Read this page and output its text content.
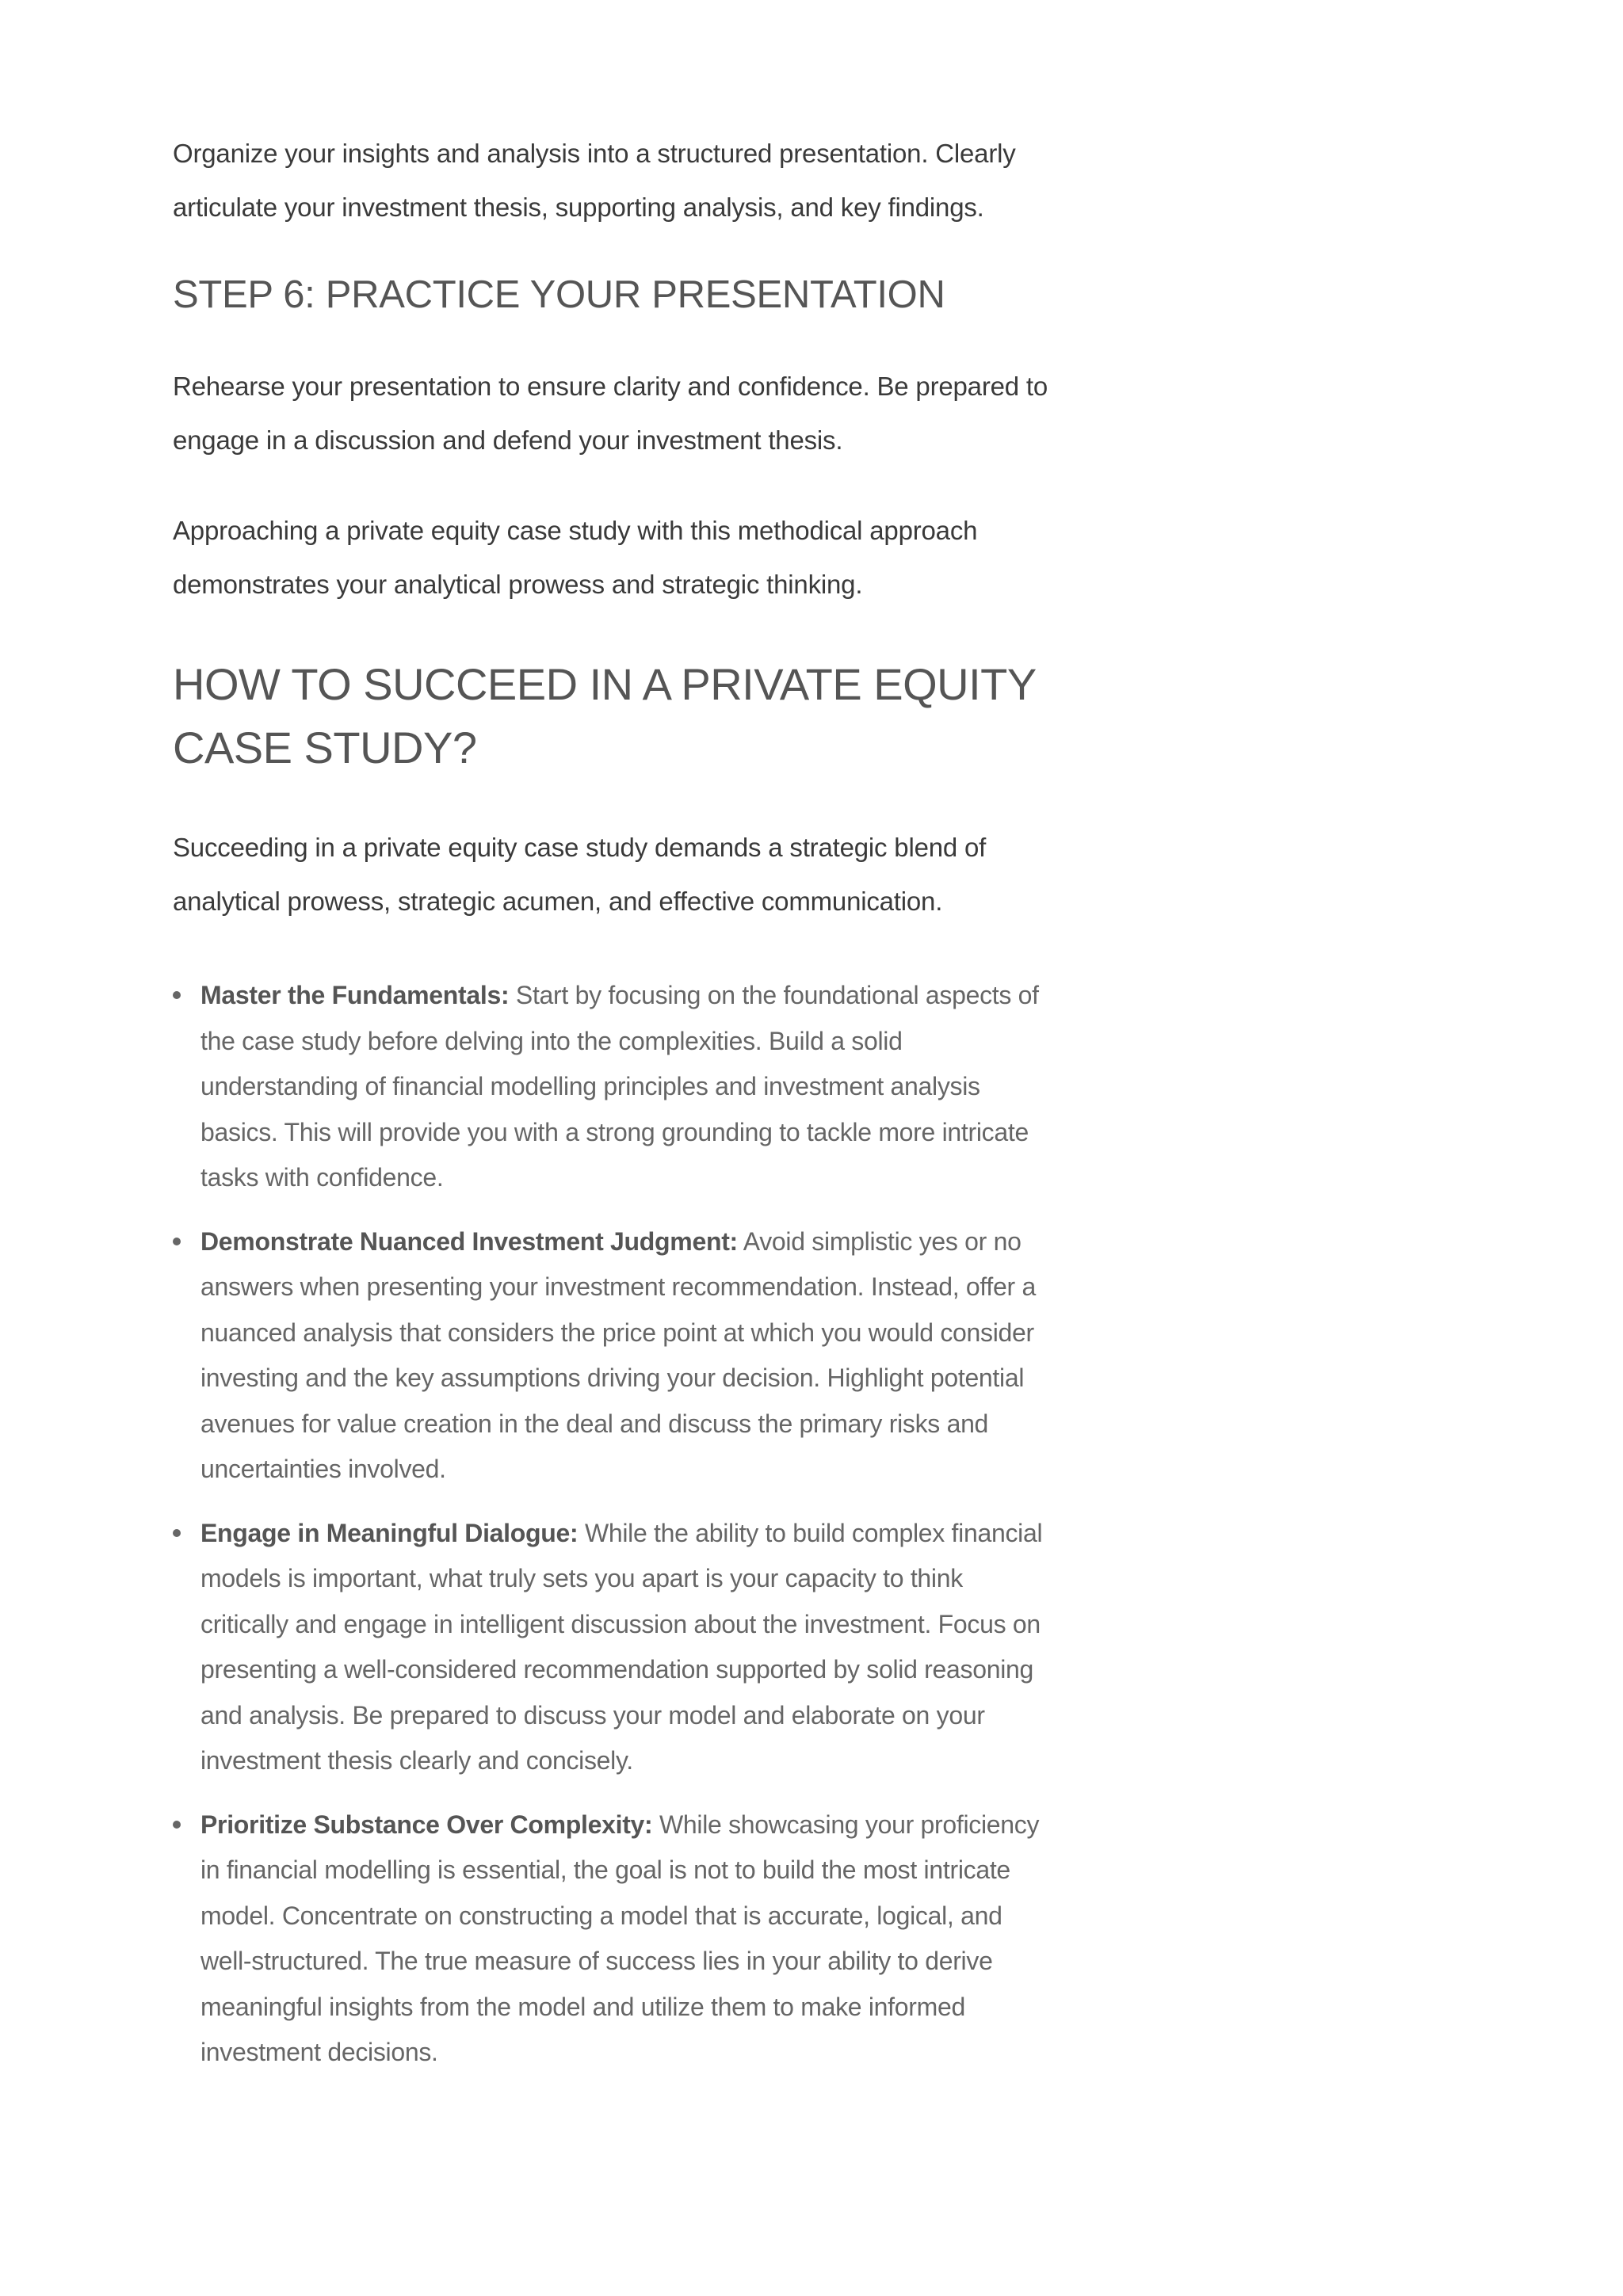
Organize your insights and analysis into a structured presentation. Clearly articulate your investment thesis, supporting analysis, and key findings.

STEP 6: PRACTICE YOUR PRESENTATION

Rehearse your presentation to ensure clarity and confidence. Be prepared to engage in a discussion and defend your investment thesis.

Approaching a private equity case study with this methodical approach demonstrates your analytical prowess and strategic thinking.

HOW TO SUCCEED IN A PRIVATE EQUITY CASE STUDY?

Succeeding in a private equity case study demands a strategic blend of analytical prowess, strategic acumen, and effective communication.

Master the Fundamentals: Start by focusing on the foundational aspects of the case study before delving into the complexities. Build a solid understanding of financial modelling principles and investment analysis basics. This will provide you with a strong grounding to tackle more intricate tasks with confidence.
Demonstrate Nuanced Investment Judgment: Avoid simplistic yes or no answers when presenting your investment recommendation. Instead, offer a nuanced analysis that considers the price point at which you would consider investing and the key assumptions driving your decision. Highlight potential avenues for value creation in the deal and discuss the primary risks and uncertainties involved.
Engage in Meaningful Dialogue: While the ability to build complex financial models is important, what truly sets you apart is your capacity to think critically and engage in intelligent discussion about the investment. Focus on presenting a well-considered recommendation supported by solid reasoning and analysis. Be prepared to discuss your model and elaborate on your investment thesis clearly and concisely.
Prioritize Substance Over Complexity: While showcasing your proficiency in financial modelling is essential, the goal is not to build the most intricate model. Concentrate on constructing a model that is accurate, logical, and well-structured. The true measure of success lies in your ability to derive meaningful insights from the model and utilize them to make informed investment decisions.
